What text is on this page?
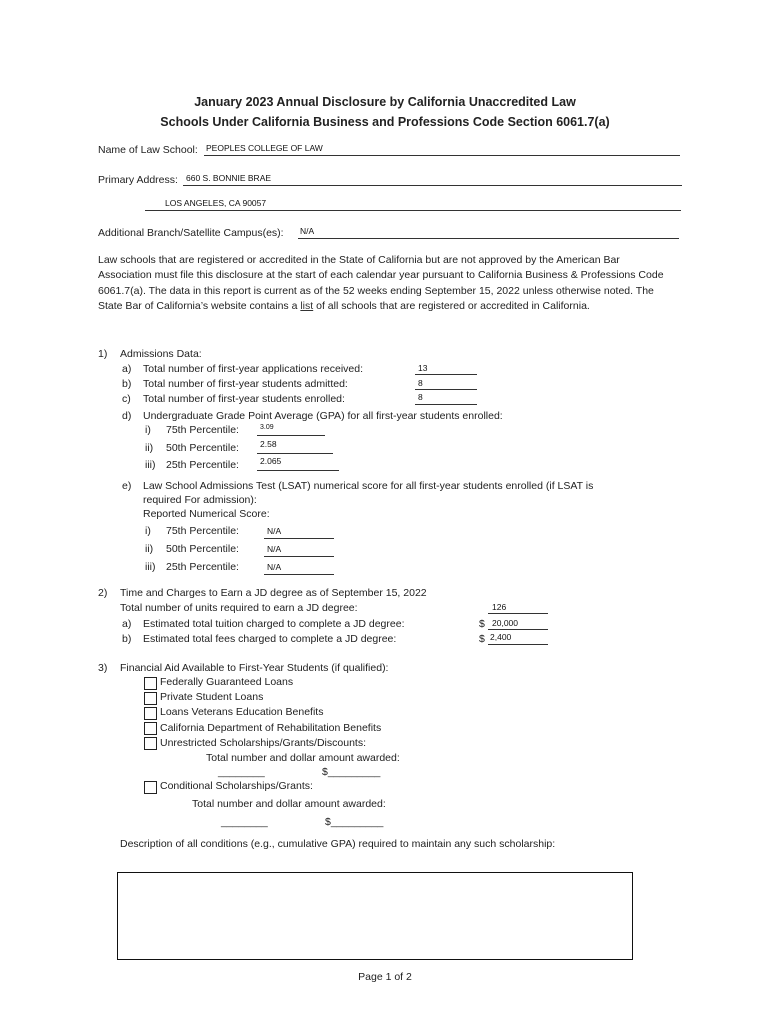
January 2023 Annual Disclosure by California Unaccredited Law
Schools Under California Business and Professions Code Section 6061.7(a)
Name of Law School: PEOPLES COLLEGE OF LAW
Primary Address: 660 S. BONNIE BRAE
LOS ANGELES, CA 90057
Additional Branch/Satellite Campus(es): N/A
Law schools that are registered or accredited in the State of California but are not approved by the American Bar Association must file this disclosure at the start of each calendar year pursuant to California Business & Professions Code 6061.7(a). The data in this report is current as of the 52 weeks ending September 15, 2022 unless otherwise noted. The State Bar of California’s website contains a list of all schools that are registered or accredited in California.
1) Admissions Data:
a) Total number of first-year applications received:	13
b) Total number of first-year students admitted:	8
c) Total number of first-year students enrolled:	8
d) Undergraduate Grade Point Average (GPA) for all first-year students enrolled:
i) 75th Percentile:	3.09
ii) 50th Percentile: 2.58
iii) 25th Percentile: 2.065
e) Law School Admissions Test (LSAT) numerical score for all first-year students enrolled (if LSAT is
required For admission):
Reported Numerical Score:
i) 75th Percentile:	N/A
ii) 50th Percentile:	N/A
iii) 25th Percentile:	N/A
2) Time and Charges to Earn a JD degree as of September 15, 2022
Total number of units required to earn a JD degree:	126
a) Estimated total tuition charged to complete a JD degree:	$ 20,000
b) Estimated total fees charged to complete a JD degree:	$ 2,400
3) Financial Aid Available to First-Year Students (if qualified):
Federally Guaranteed Loans
Private Student Loans
Loans Veterans Education Benefits
California Department of Rehabilitation Benefits
Unrestricted Scholarships/Grants/Discounts:
Total number and dollar amount awarded:
________	$_________
Conditional Scholarships/Grants:
Total number and dollar amount awarded:
________	$_________
Description of all conditions (e.g., cumulative GPA) required to maintain any such scholarship:
Page 1 of 2
